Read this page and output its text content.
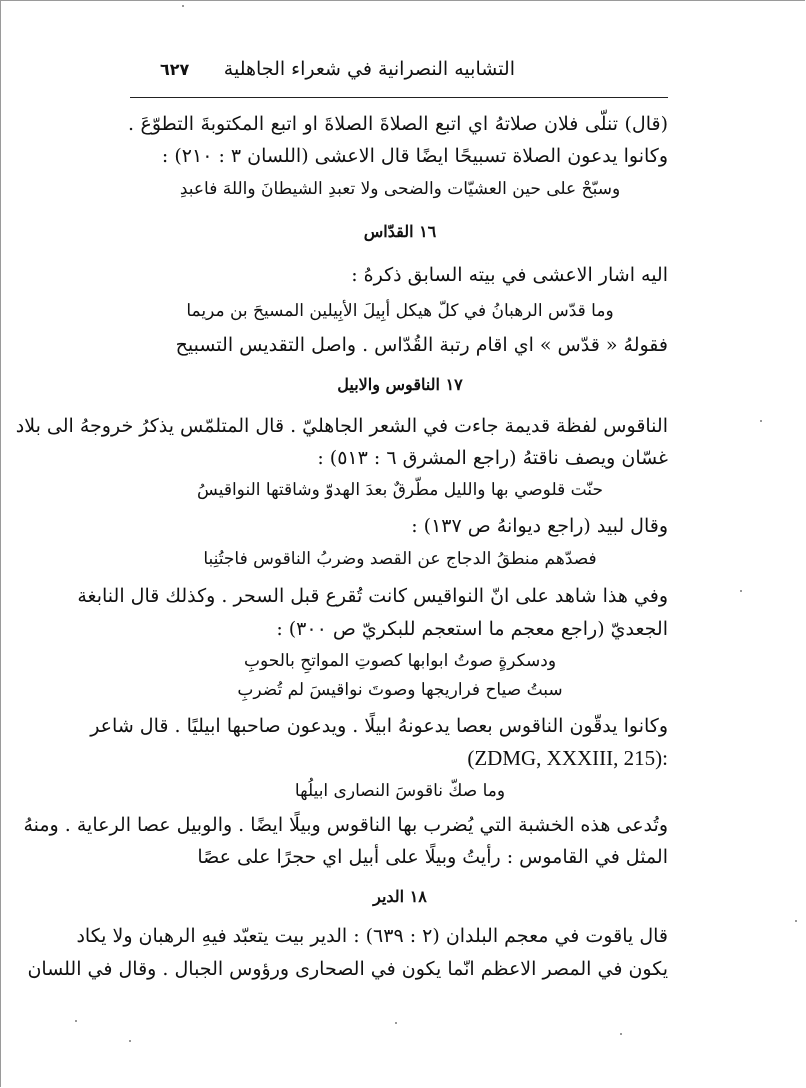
التشابيه النصرانية في شعراء الجاهلية
٦٢٧
(قال) تنلّى فلان صلاتهُ اي اتبع الصلاةَ الصلاةَ او اتبع المكتوبةَ التطوّعَ .
وكانوا يدعون الصلاة تسبيحًا ايضًا قال الاعشى (اللسان ٣ : ٢١٠) :
وسبّحْ على حين العشيّات والضحى ولا تعبدِ الشيطانَ واللهَ فاعبدِ
١٦ القدّاس
اليه اشار الاعشى في بيته السابق ذكرهُ :
وما قدّس الرهبانُ في كلّ هيكل أبِيلَ الأبِيلين المسيحَ بن مريما
فقولهُ « قدّس » اي اقام رتبة القُدّاس . واصل التقديس التسبيح
١٧ الناقوس والابيل
الناقوس لفظة قديمة جاءت في الشعر الجاهليّ . قال المتلمّس يذكرُ خروجهُ الى بلاد
غسّان ويصف ناقتهُ (راجع المشرق ٦ : ٥١٣) :
حنّت قلوصي بها والليل مطّرقٌ بعدَ الهدوّ وشاقتها النواقيسُ
وقال لبيد (راجع ديوانهُ ص ١٣٧) :
فصدّهم منطقُ الدجاج عن القصد وضربُ الناقوس فاجتُنِبا
وفي هذا شاهد على انّ النواقيس كانت تُقرع قبل السحر . وكذلك قال النابغة
الجعديّ (راجع معجم ما استعجم للبكريّ ص ٣٠٠) :
ودسكرةٍ صوتُ ابوابها كصوتِ المواتحِ بالحوبِ
سبتُ صياح فراريجها وصوتَ نواقيسَ لم تُضربِ
وكانوا يدقّون الناقوس بعصا يدعونهُ ابيلًا . ويدعون صاحبها ابيليًا . قال شاعر
(ZDMG, XXXIII, 215):
وما صكّ ناقوسَ النصارى ابيلُها
وتُدعى هذه الخشبة التي يُضرب بها الناقوس وبيلًا ايضًا . والوبيل عصا الرعاية . ومنهُ
المثل في القاموس : رأيتُ وبيلًا على أبيل اي حجرًا على عصًا
١٨ الدير
قال ياقوت في معجم البلدان (٢ : ٦٣٩) : الدير بيت يتعبّد فيهِ الرهبان ولا يكاد
يكون في المصر الاعظم انّما يكون في الصحارى ورؤوس الجبال . وقال في اللسان
